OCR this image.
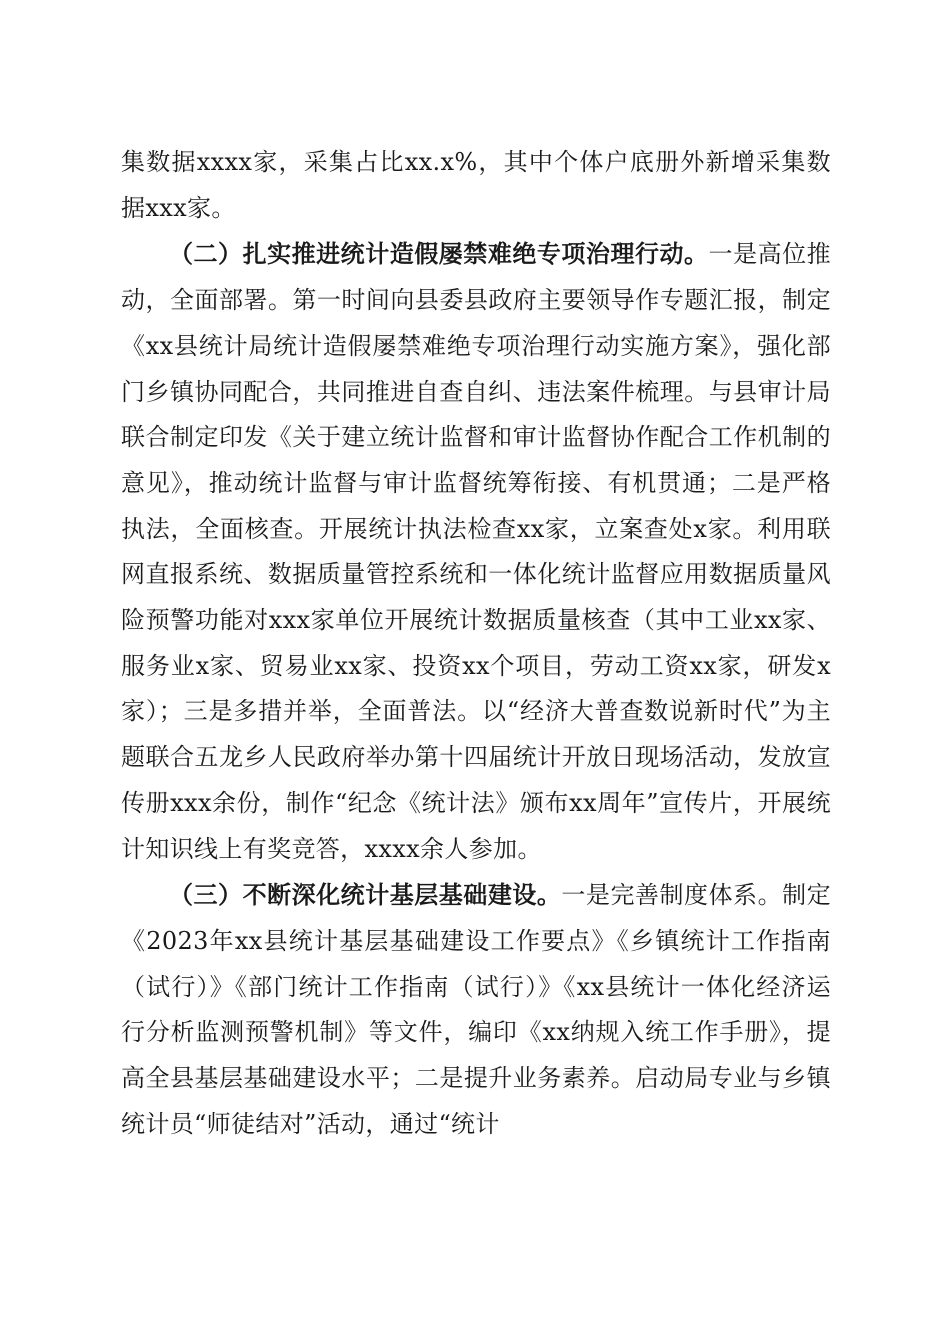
集数据xxxx家，采集占比xx.x%，其中个体户底册外新增采集数据xxx家。

（二）扎实推进统计造假屡禁难绝专项治理行动。一是高位推动，全面部署。第一时间向县委县政府主要领导作专题汇报，制定《xx县统计局统计造假屡禁难绝专项治理行动实施方案》，强化部门乡镇协同配合，共同推进自查自纠、违法案件梳理。与县审计局联合制定印发《关于建立统计监督和审计监督协作配合工作机制的意见》，推动统计监督与审计监督统筹衔接、有机贯通；二是严格执法，全面核查。开展统计执法检查xx家，立案查处x家。利用联网直报系统、数据质量管控系统和一体化统计监督应用数据质量风险预警功能对xxx家单位开展统计数据质量核查（其中工业xx家、服务业x家、贸易业xx家、投资xx个项目，劳动工资xx家，研发x家）；三是多措并举，全面普法。以“经济大普查数说新时代”为主题联合五龙乡人民政府举办第十四届统计开放日现场活动，发放宣传册xxx余份，制作“纪念《统计法》颁布xx周年”宣传片，开展统计知识线上有奖竞答，xxxx余人参加。

（三）不断深化统计基层基础建设。一是完善制度体系。制定《2023年xx县统计基层基础建设工作要点》《乡镇统计工作指南（试行）》《部门统计工作指南（试行）》《xx县统计一体化经济运行分析监测预警机制》等文件，编印《xx纳规入统工作手册》，提高全县基层基础建设水平；二是提升业务素养。启动局专业与乡镇统计员“师徒结对”活动，通过“统计
